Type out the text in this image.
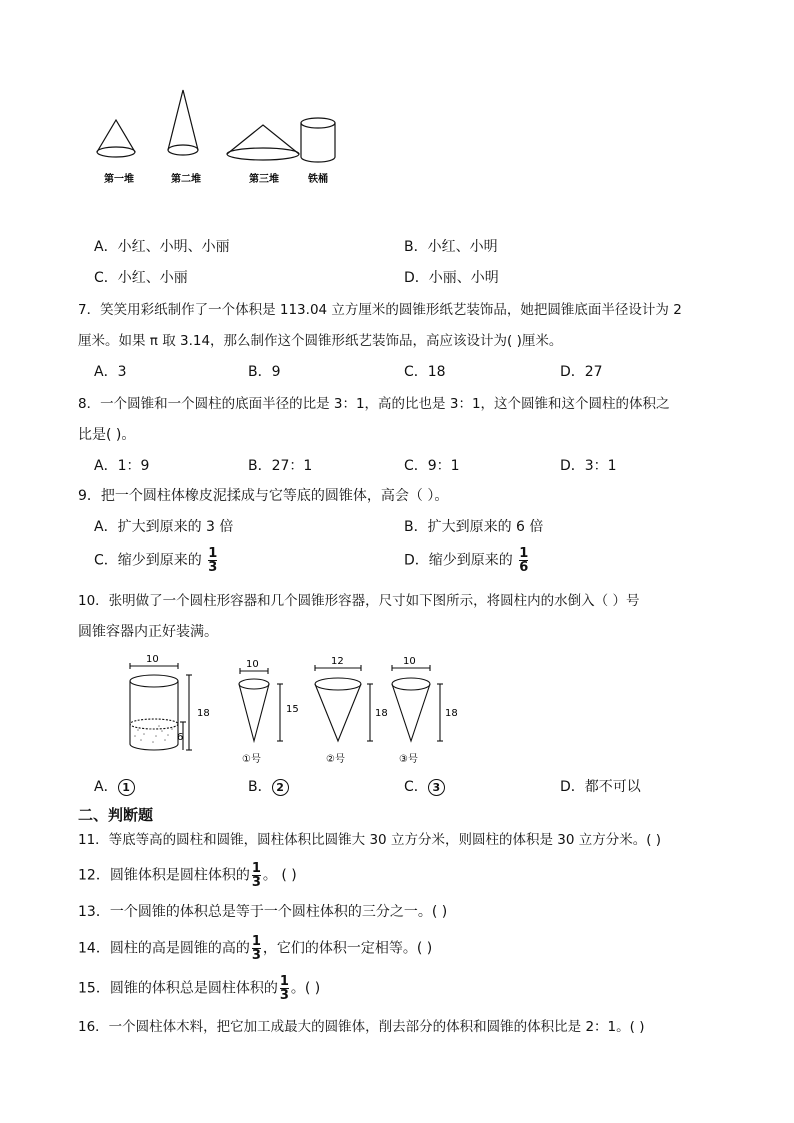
第一堆	第二堆	第三堆	铁桶
A．小红、小明、小丽	B．小红、小明
C．小红、小丽	D．小丽、小明
7．笑笑用彩纸制作了一个体积是 113.04 立方厘米的圆锥形纸艺装饰品，她把圆锥底面半径设计为 2
厘米。如果 π 取 3.14，那么制作这个圆锥形纸艺装饰品，高应该设计为( )厘米。
A．3	B．9	C．18	D．27
8．一个圆锥和一个圆柱的底面半径的比是 3：1，高的比也是 3：1，这个圆锥和这个圆柱的体积之
比是( )。
A．1：9	B．27：1	C．9：1	D．3：1
9．把一个圆柱体橡皮泥揉成与它等底的圆锥体，高会（ ）。
A．扩大到原来的 3 倍	B．扩大到原来的 6 倍
C．缩少到原来的 $\frac{1}{3}$	D．缩少到原来的 $\frac{1}{6}$
10．张明做了一个圆柱形容器和几个圆锥形容器，尺寸如下图所示，将圆柱内的水倒入（ ）号
圆锥容器内正好装满。
10
18
6
10
15
①号
12
18
②号
10
18
③号
A． 1	B． 2	C． 3	D．都不可以
二、判断题
11．等底等高的圆柱和圆锥，圆柱体积比圆锥大 30 立方分米，则圆柱的体积是 30 立方分米。( )
12．圆锥体积是圆柱体积的 $\frac{1}{3}$ 。 ( )
13．一个圆锥的体积总是等于一个圆柱体积的三分之一。( )
14．圆柱的高是圆锥的高的 $\frac{1}{3}$ ，它们的体积一定相等。( )
15．圆锥的体积总是圆柱体积的 $\frac{1}{3}$ 。( )
16．一个圆柱体木料，把它加工成最大的圆锥体，削去部分的体积和圆锥的体积比是 2：1。( )
